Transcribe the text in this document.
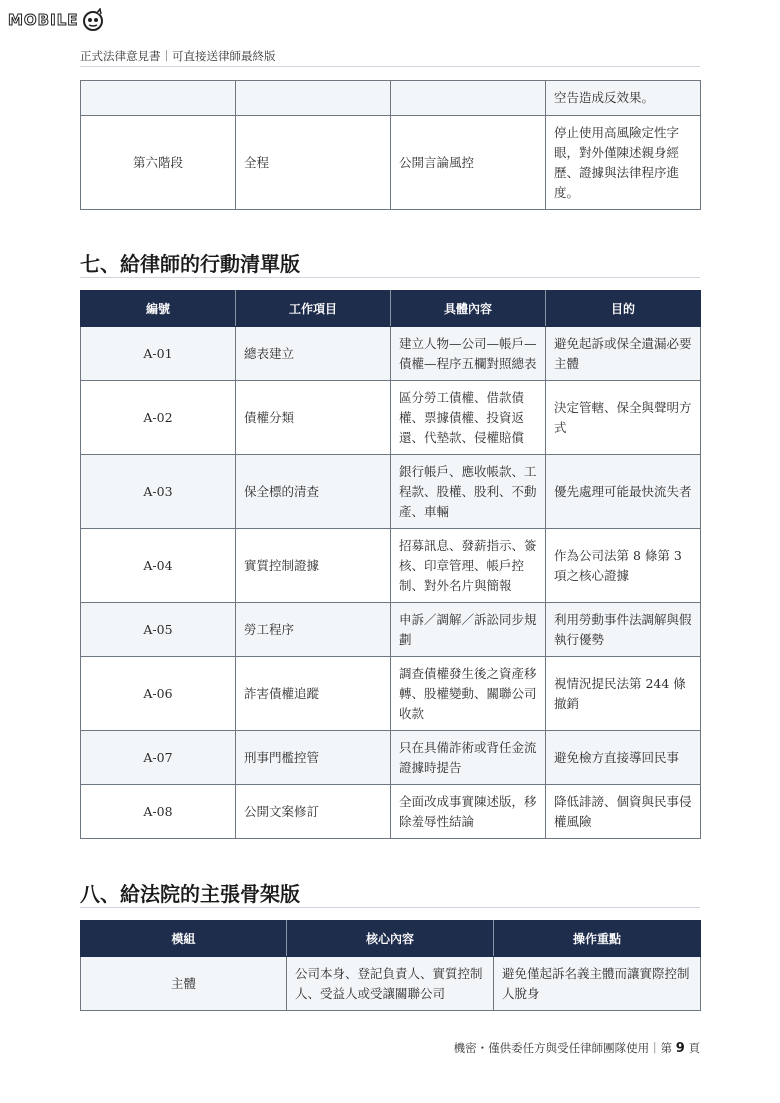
MOBILE
正式法律意見書｜可直接送律師最終版
			空告造成反效果。
第六階段	全程	公開言論風控	停止使用高風險定性字眼，對外僅陳述親身經歷、證據與法律程序進度。
七、給律師的行動清單版
編號	工作項目	具體內容	目的
A-01	總表建立	建立人物—公司—帳戶—債權—程序五欄對照總表	避免起訴或保全遺漏必要主體
A-02	債權分類	區分勞工債權、借款債權、票據債權、投資返還、代墊款、侵權賠償	決定管轄、保全與聲明方式
A-03	保全標的清查	銀行帳戶、應收帳款、工程款、股權、股利、不動產、車輛	優先處理可能最快流失者
A-04	實質控制證據	招募訊息、發薪指示、簽核、印章管理、帳戶控制、對外名片與簡報	作為公司法第 8 條第 3 項之核心證據
A-05	勞工程序	申訴／調解／訴訟同步規劃	利用勞動事件法調解與假執行優勢
A-06	詐害債權追蹤	調查債權發生後之資產移轉、股權變動、關聯公司收款	視情況提民法第 244 條撤銷
A-07	刑事門檻控管	只在具備詐術或背任金流證據時提告	避免檢方直接導回民事
A-08	公開文案修訂	全面改成事實陳述版，移除羞辱性結論	降低誹謗、個資與民事侵權風險
八、給法院的主張骨架版
模組	核心內容	操作重點
主體	公司本身、登記負責人、實質控制人、受益人或受讓關聯公司	避免僅起訴名義主體而讓實際控制人脫身
機密・僅供委任方與受任律師團隊使用｜第 9 頁
